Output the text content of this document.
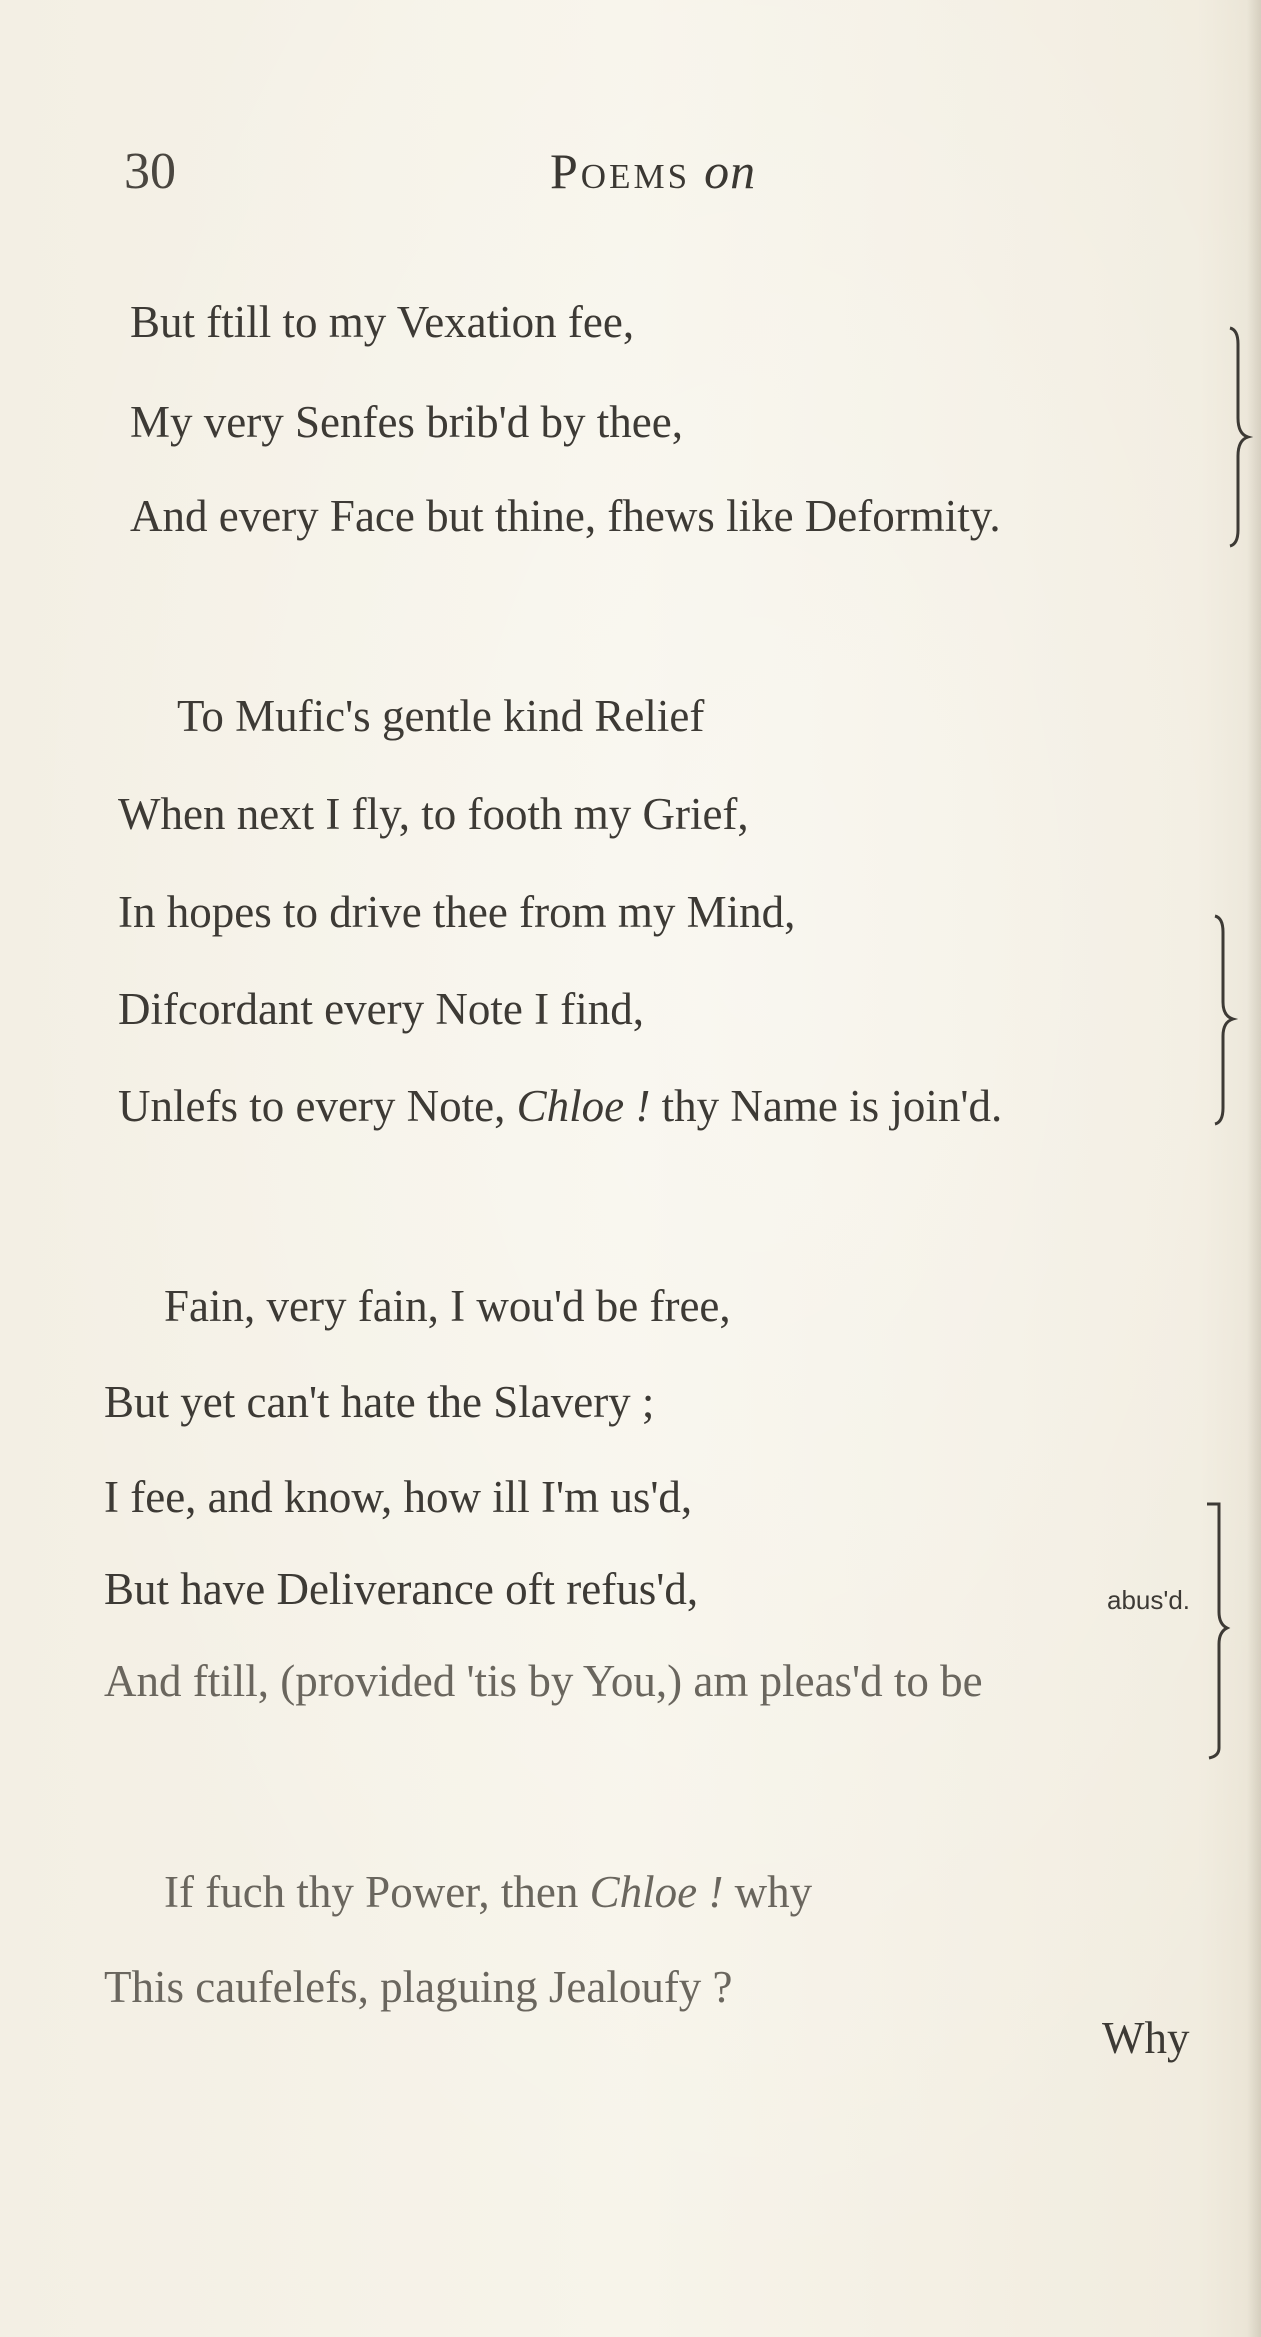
30	Poems on
But ftill to my Vexation fee,
My very Senfes brib'd by thee,
And every Face but thine, fhews like Deformity.
To Mufic's gentle kind Relief
When next I fly, to footh my Grief,
In hopes to drive thee from my Mind,
Difcordant every Note I find,
Unlefs to every Note, Chloe ! thy Name is join'd.
Fain, very fain, I wou'd be free,
But yet can't hate the Slavery ;
I fee, and know, how ill I'm us'd,
But have Deliverance oft refus'd,
And ftill, (provided 'tis by You,) am pleas'd to be
abus'd.
If fuch thy Power, then Chloe ! why
This caufelefs, plaguing Jealoufy ?
Why
